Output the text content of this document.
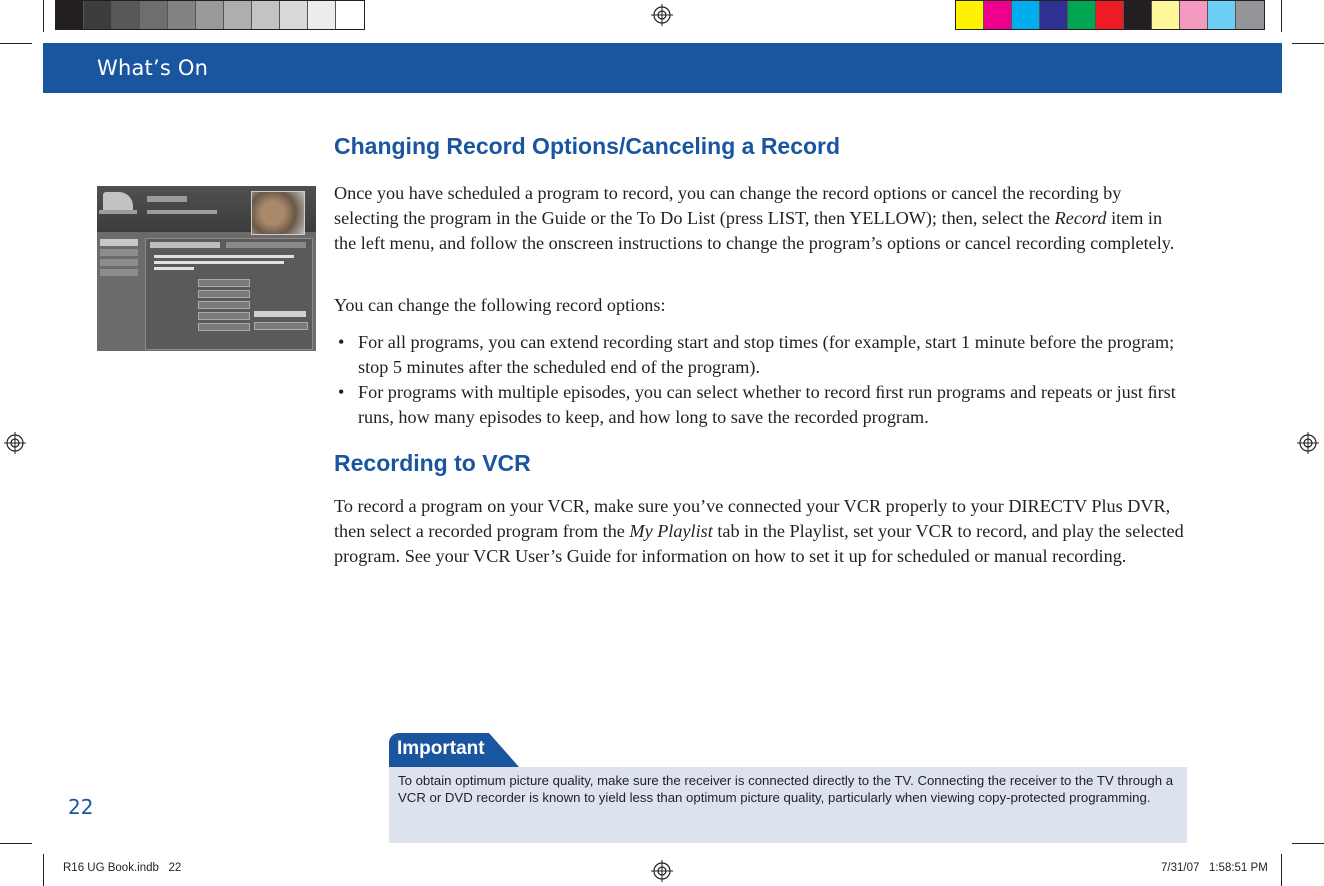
What’s On
Changing Record Options/Canceling a Record

Once you have scheduled a program to record, you can change the record options or cancel the recording by selecting the program in the Guide or the To Do List (press LIST, then YELLOW); then, select the Record item in the left menu, and follow the onscreen instructions to change the program’s options or cancel recording completely.

You can change the following record options:

• For all programs, you can extend recording start and stop times (for example, start 1 minute before the program; stop 5 minutes after the scheduled end of the program).
• For programs with multiple episodes, you can select whether to record ﬁrst run programs and repeats or just ﬁrst runs, how many episodes to keep, and how long to save the recorded program.
Recording to VCR

To record a program on your VCR, make sure you’ve connected your VCR properly to your DIRECTV Plus DVR, then select a recorded program from the My Playlist tab in the Playlist, set your VCR to record, and play the selected program. See your VCR User’s Guide for information on how to set it up for scheduled or manual recording.

Important

To obtain optimum picture quality, make sure the receiver is connected directly to the TV. Connecting the receiver to the TV through a VCR or DVD recorder is known to yield less than optimum picture quality, particularly when viewing copy-protected programming.

22
R16 UG Book.indb   22	7/31/07   1:58:51 PM
